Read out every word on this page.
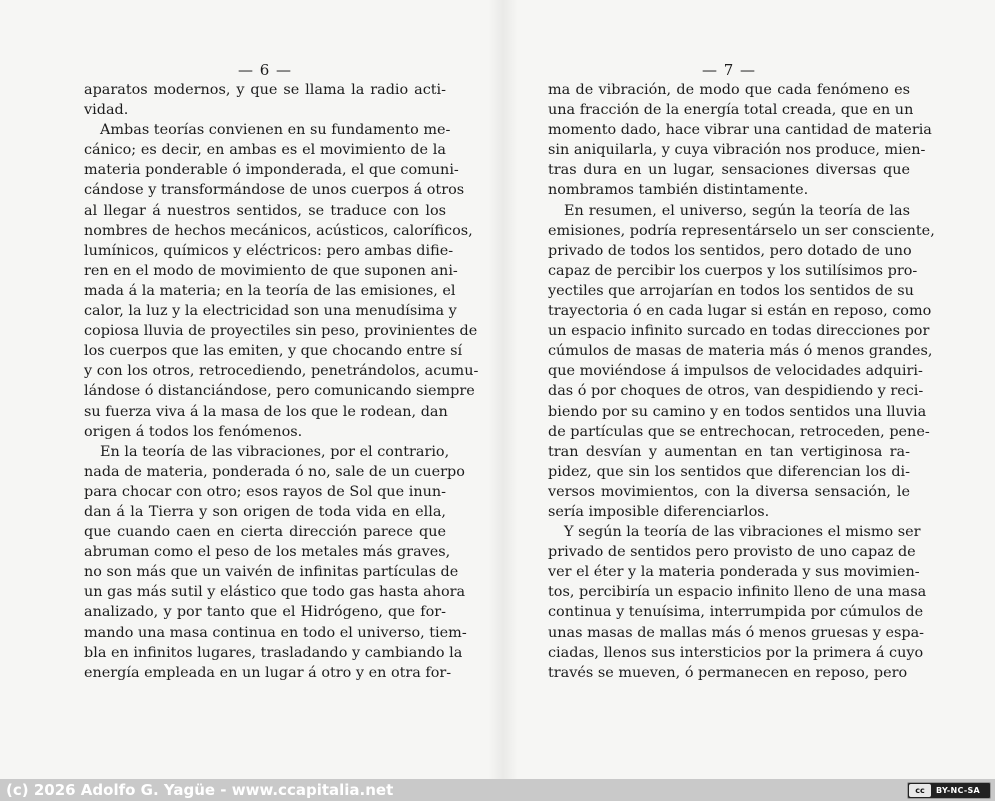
— 6 —
aparatos modernos, y que se llama la radio acti-
vidad.
Ambas teorías convienen en su fundamento me-
cánico; es decir, en ambas es el movimiento de la
materia ponderable ó imponderada, el que comuni-
cándose y transformándose de unos cuerpos á otros
al llegar á nuestros sentidos, se traduce con los
nombres de hechos mecánicos, acústicos, caloríficos,
lumínicos, químicos y eléctricos: pero ambas difie-
ren en el modo de movimiento de que suponen ani-
mada á la materia; en la teoría de las emisiones, el
calor, la luz y la electricidad son una menudísima y
copiosa lluvia de proyectiles sin peso, provinientes de
los cuerpos que las emiten, y que chocando entre sí
y con los otros, retrocediendo, penetrándolos, acumu-
lándose ó distanciándose, pero comunicando siempre
su fuerza viva á la masa de los que le rodean, dan
origen á todos los fenómenos.
En la teoría de las vibraciones, por el contrario,
nada de materia, ponderada ó no, sale de un cuerpo
para chocar con otro; esos rayos de Sol que inun-
dan á la Tierra y son origen de toda vida en ella,
que cuando caen en cierta dirección parece que
abruman como el peso de los metales más graves,
no son más que un vaivén de infinitas partículas de
un gas más sutil y elástico que todo gas hasta ahora
analizado, y por tanto que el Hidrógeno, que for-
mando una masa continua en todo el universo, tiem-
bla en infinitos lugares, trasladando y cambiando la
energía empleada en un lugar á otro y en otra for-
— 7 —
ma de vibración, de modo que cada fenómeno es
una fracción de la energía total creada, que en un
momento dado, hace vibrar una cantidad de materia
sin aniquilarla, y cuya vibración nos produce, mien-
tras dura en un lugar, sensaciones diversas que
nombramos también distintamente.
En resumen, el universo, según la teoría de las
emisiones, podría representárselo un ser consciente,
privado de todos los sentidos, pero dotado de uno
capaz de percibir los cuerpos y los sutilísimos pro-
yectiles que arrojarían en todos los sentidos de su
trayectoria ó en cada lugar si están en reposo, como
un espacio infinito surcado en todas direcciones por
cúmulos de masas de materia más ó menos grandes,
que moviéndose á impulsos de velocidades adquiri-
das ó por choques de otros, van despidiendo y reci-
biendo por su camino y en todos sentidos una lluvia
de partículas que se entrechocan, retroceden, pene-
tran desvían y aumentan en tan vertiginosa ra-
pidez, que sin los sentidos que diferencian los di-
versos movimientos, con la diversa sensación, le
sería imposible diferenciarlos.
Y según la teoría de las vibraciones el mismo ser
privado de sentidos pero provisto de uno capaz de
ver el éter y la materia ponderada y sus movimien-
tos, percibiría un espacio infinito lleno de una masa
continua y tenuísima, interrumpida por cúmulos de
unas masas de mallas más ó menos gruesas y espa-
ciadas, llenos sus intersticios por la primera á cuyo
través se mueven, ó permanecen en reposo, pero
(c) 2026 Adolfo G. Yagüe - www.ccapitalia.net	cc	BY-NC-SA
